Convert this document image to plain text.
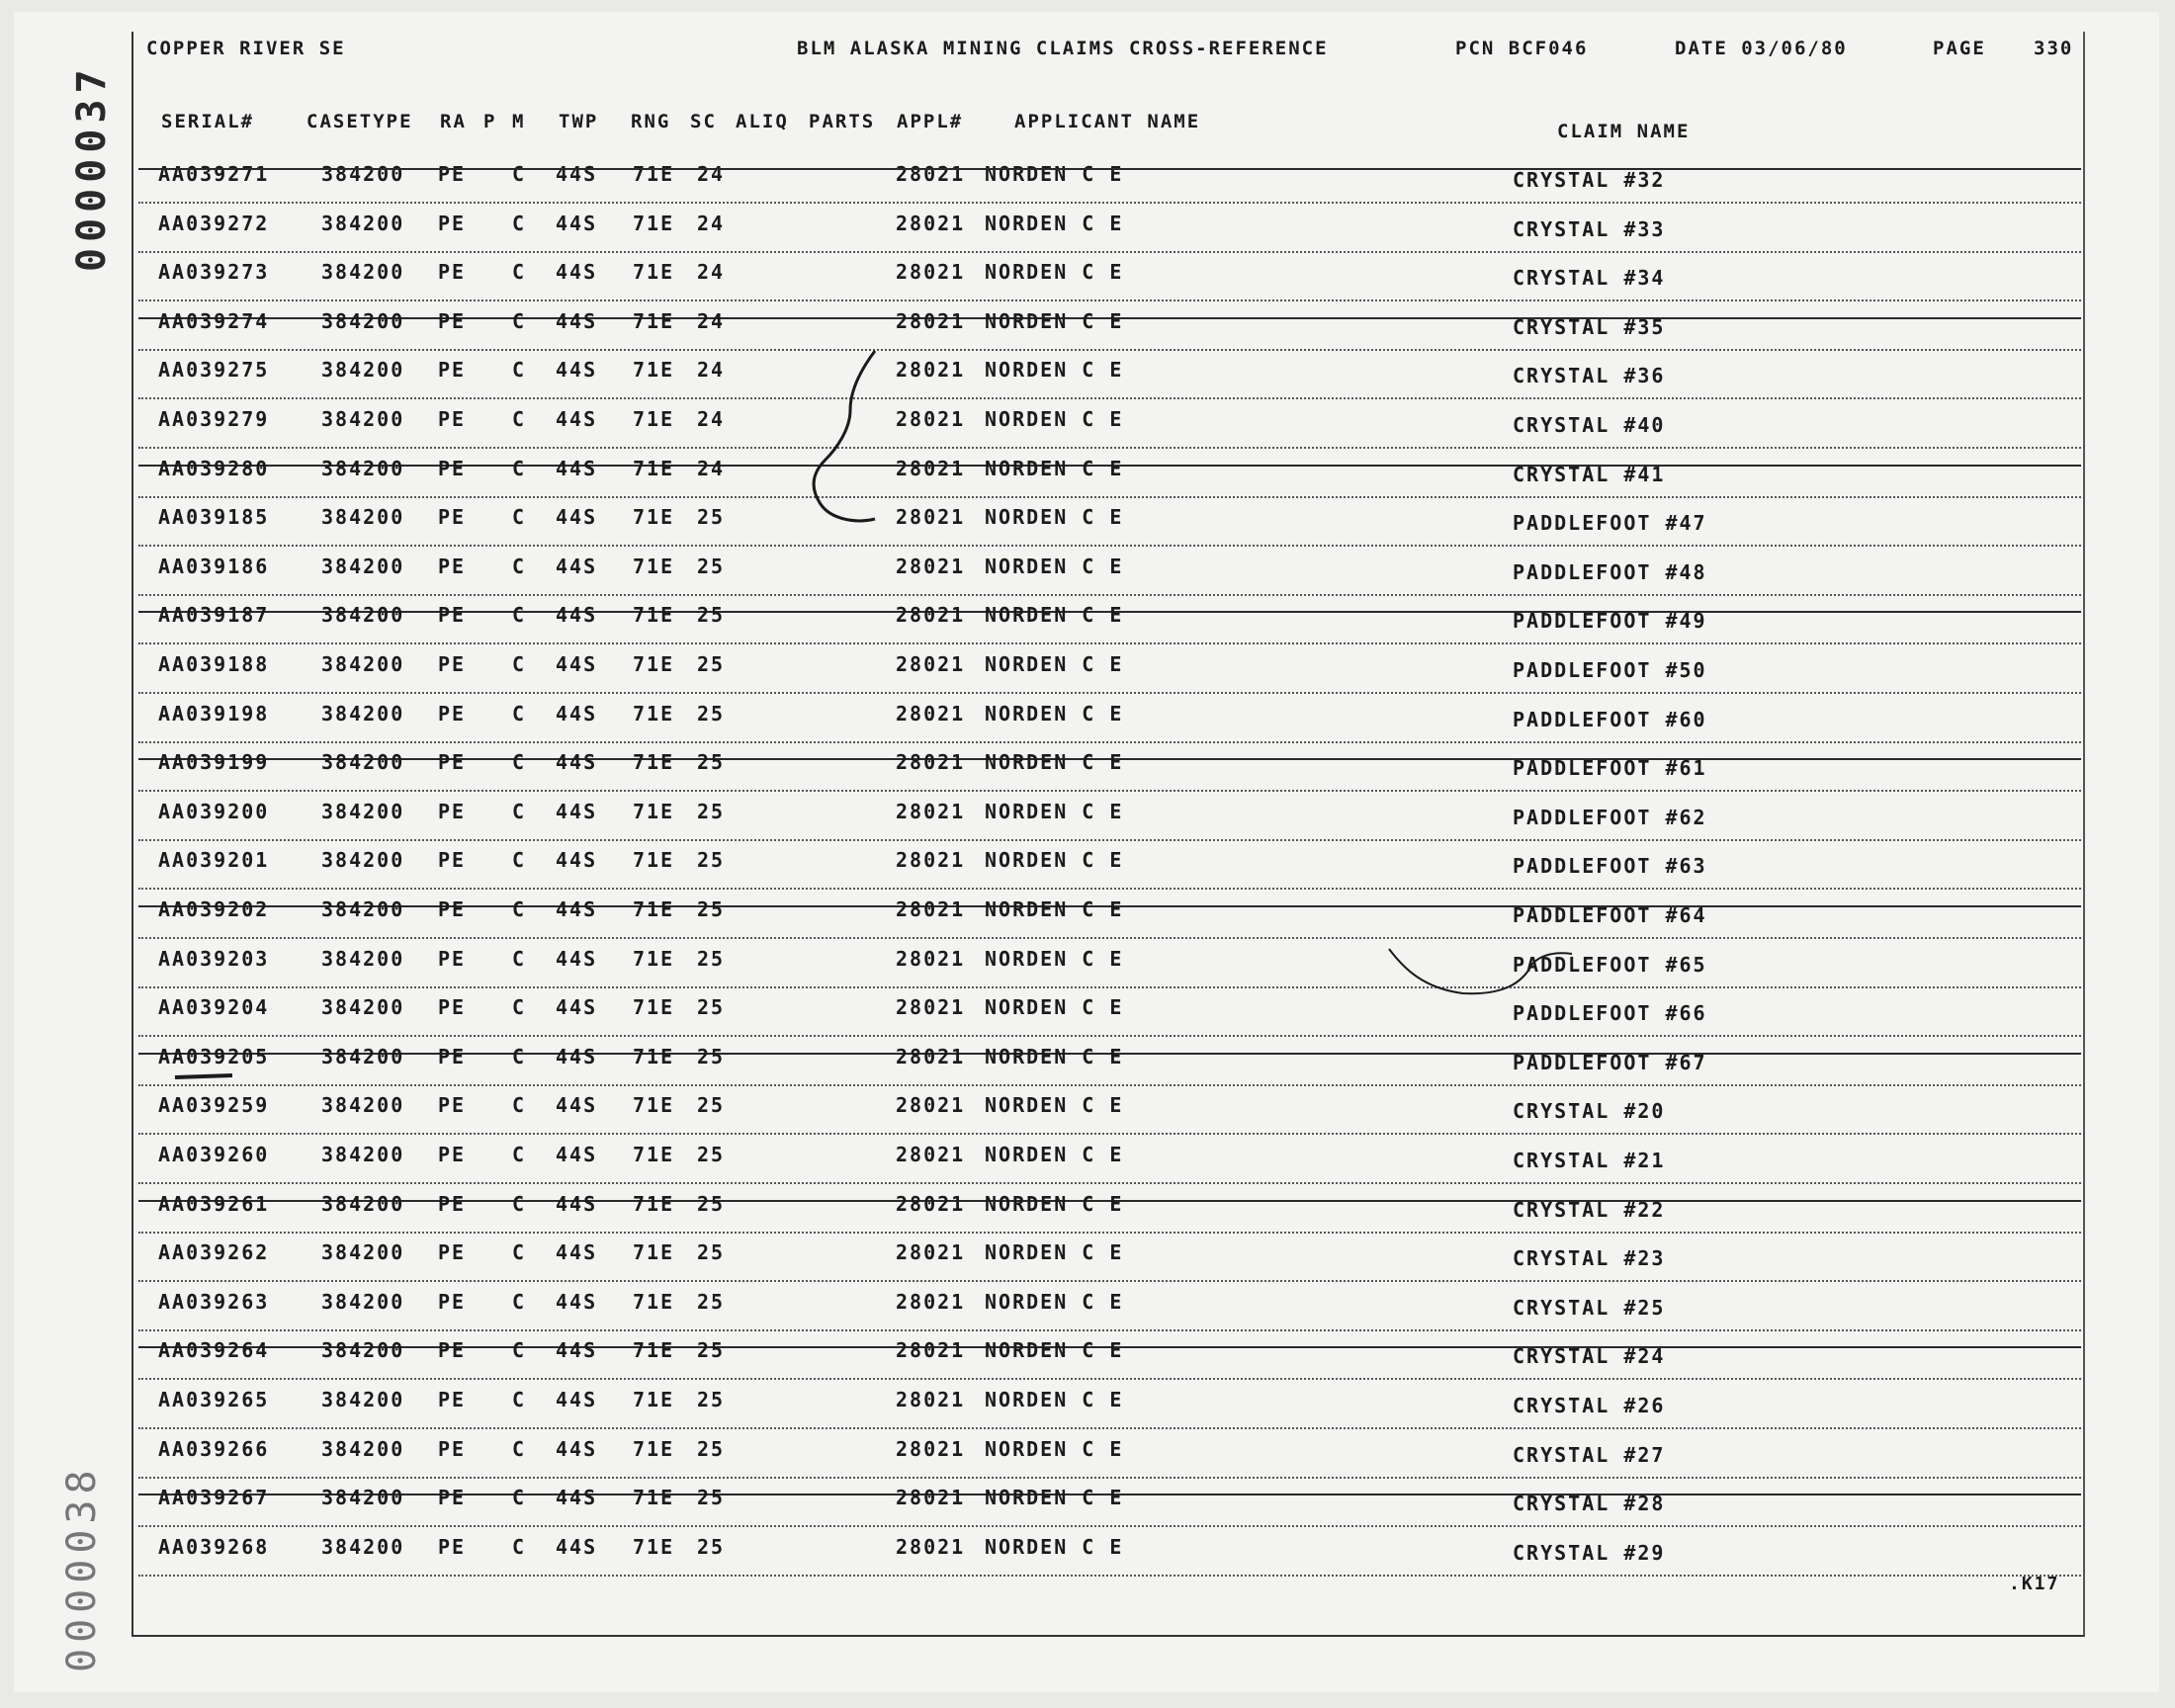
0000037
0000038
COPPER RIVER SE	BLM ALASKA MINING CLAIMS CROSS-REFERENCE	PCN BCF046	DATE 03/06/80	PAGE	330
SERIAL#	CASETYPE RA P M TWP RNG SC ALIQ PARTS APPL#	APPLICANT NAME	CLAIM NAME
AA039271	384200 PE C 44S 71E 24	28021 NORDEN C E	CRYSTAL #32
AA039272	384200 PE C 44S 71E 24	28021 NORDEN C E	CRYSTAL #33
AA039273	384200 PE C 44S 71E 24	28021 NORDEN C E	CRYSTAL #34
AA039274	384200 PE C 44S 71E 24	28021 NORDEN C E	CRYSTAL #35
AA039275	384200 PE C 44S 71E 24	28021 NORDEN C E	CRYSTAL #36
AA039279	384200 PE C 44S 71E 24	28021 NORDEN C E	CRYSTAL #40
AA039280	384200 PE C 44S 71E 24	28021 NORDEN C E	CRYSTAL #41
AA039185	384200 PE C 44S 71E 25	28021 NORDEN C E	PADDLEFOOT #47
AA039186	384200 PE C 44S 71E 25	28021 NORDEN C E	PADDLEFOOT #48
AA039187	384200 PE C 44S 71E 25	28021 NORDEN C E	PADDLEFOOT #49
AA039188	384200 PE C 44S 71E 25	28021 NORDEN C E	PADDLEFOOT #50
AA039198	384200 PE C 44S 71E 25	28021 NORDEN C E	PADDLEFOOT #60
AA039199	384200 PE C 44S 71E 25	28021 NORDEN C E	PADDLEFOOT #61
AA039200	384200 PE C 44S 71E 25	28021 NORDEN C E	PADDLEFOOT #62
AA039201	384200 PE C 44S 71E 25	28021 NORDEN C E	PADDLEFOOT #63
AA039202	384200 PE C 44S 71E 25	28021 NORDEN C E	PADDLEFOOT #64
AA039203	384200 PE C 44S 71E 25	28021 NORDEN C E	PADDLEFOOT #65
AA039204	384200 PE C 44S 71E 25	28021 NORDEN C E	PADDLEFOOT #66
AA039205	384200 PE C 44S 71E 25	28021 NORDEN C E	PADDLEFOOT #67
AA039259	384200 PE C 44S 71E 25	28021 NORDEN C E	CRYSTAL #20
AA039260	384200 PE C 44S 71E 25	28021 NORDEN C E	CRYSTAL #21
AA039261	384200 PE C 44S 71E 25	28021 NORDEN C E	CRYSTAL #22
AA039262	384200 PE C 44S 71E 25	28021 NORDEN C E	CRYSTAL #23
AA039263	384200 PE C 44S 71E 25	28021 NORDEN C E	CRYSTAL #25
AA039264	384200 PE C 44S 71E 25	28021 NORDEN C E	CRYSTAL #24
AA039265	384200 PE C 44S 71E 25	28021 NORDEN C E	CRYSTAL #26
AA039266	384200 PE C 44S 71E 25	28021 NORDEN C E	CRYSTAL #27
AA039267	384200 PE C 44S 71E 25	28021 NORDEN C E	CRYSTAL #28
AA039268	384200 PE C 44S 71E 25	28021 NORDEN C E	CRYSTAL #29
.K17
